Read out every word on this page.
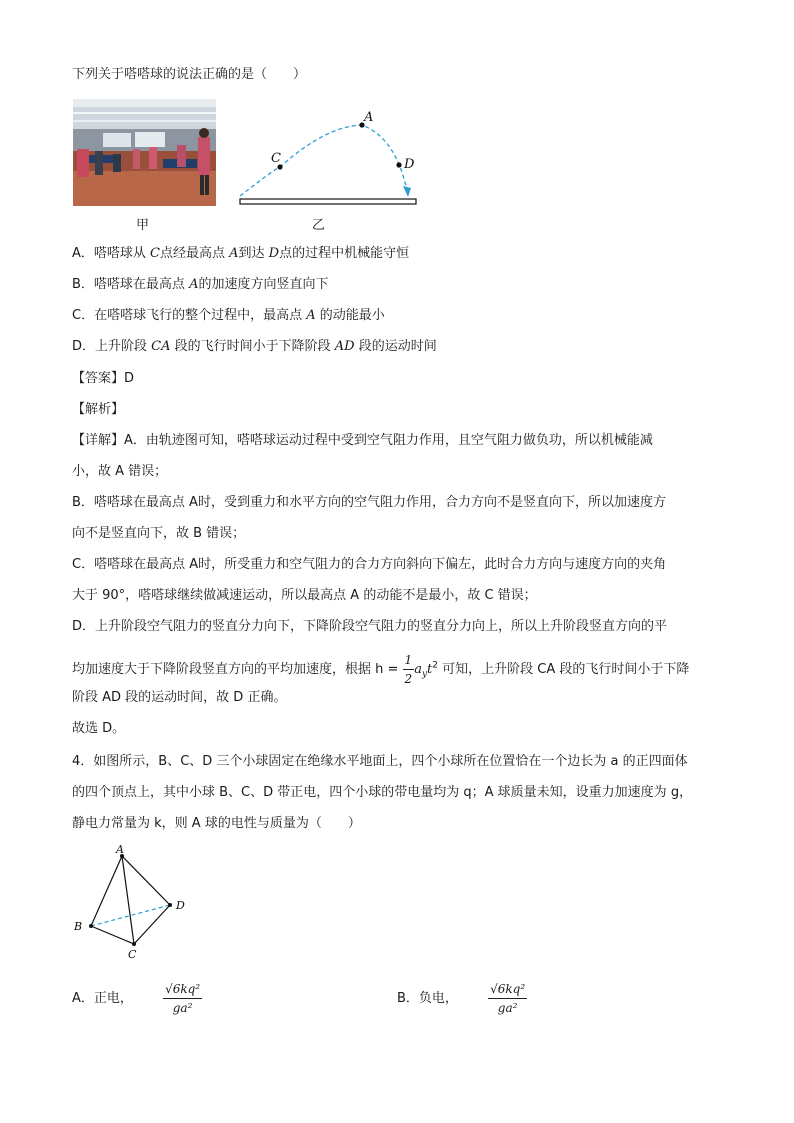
下列关于嗒嗒球的说法正确的是（　　）
甲
C
A
D
乙
A．嗒嗒球从 C点经最高点 A到达 D点的过程中机械能守恒
B．嗒嗒球在最高点 A的加速度方向竖直向下
C．在嗒嗒球飞行的整个过程中，最高点 A 的动能最小
D．上升阶段 CA 段的飞行时间小于下降阶段 AD 段的运动时间
【答案】D
【解析】
【详解】A．由轨迹图可知，嗒嗒球运动过程中受到空气阻力作用，且空气阻力做负功，所以机械能减
小，故 A 错误；
B．嗒嗒球在最高点 A时，受到重力和水平方向的空气阻力作用，合力方向不是竖直向下，所以加速度方
向不是竖直向下，故 B 错误；
C．嗒嗒球在最高点 A时，所受重力和空气阻力的合力方向斜向下偏左，此时合力方向与速度方向的夹角
大于 90°，嗒嗒球继续做减速运动，所以最高点 A 的动能不是最小，故 C 错误；
D．上升阶段空气阻力的竖直分力向下，下降阶段空气阻力的竖直分力向上，所以上升阶段竖直方向的平
均加速度大于下降阶段竖直方向的平均加速度，根据 $h = \frac{1}{2} a_yt^2$ 可知，上升阶段 CA 段的飞行时间小于下降
阶段 AD 段的运动时间，故 D 正确。
故选 D。
4．如图所示，B、C、D 三个小球固定在绝缘水平地面上，四个小球所在位置恰在一个边长为 a 的正四面体
的四个顶点上，其中小球 B、C、D 带正电，四个小球的带电量均为 q；A 球质量未知，设重力加速度为 g，
静电力常量为 k，则 A 球的电性与质量为（　　）
A
B
C
D
A．正电，	$\frac{\text{√6kq²}}{\text{ga²}}$	B．负电，	$\frac{\text{√6kq²}}{\text{ga²}}$
